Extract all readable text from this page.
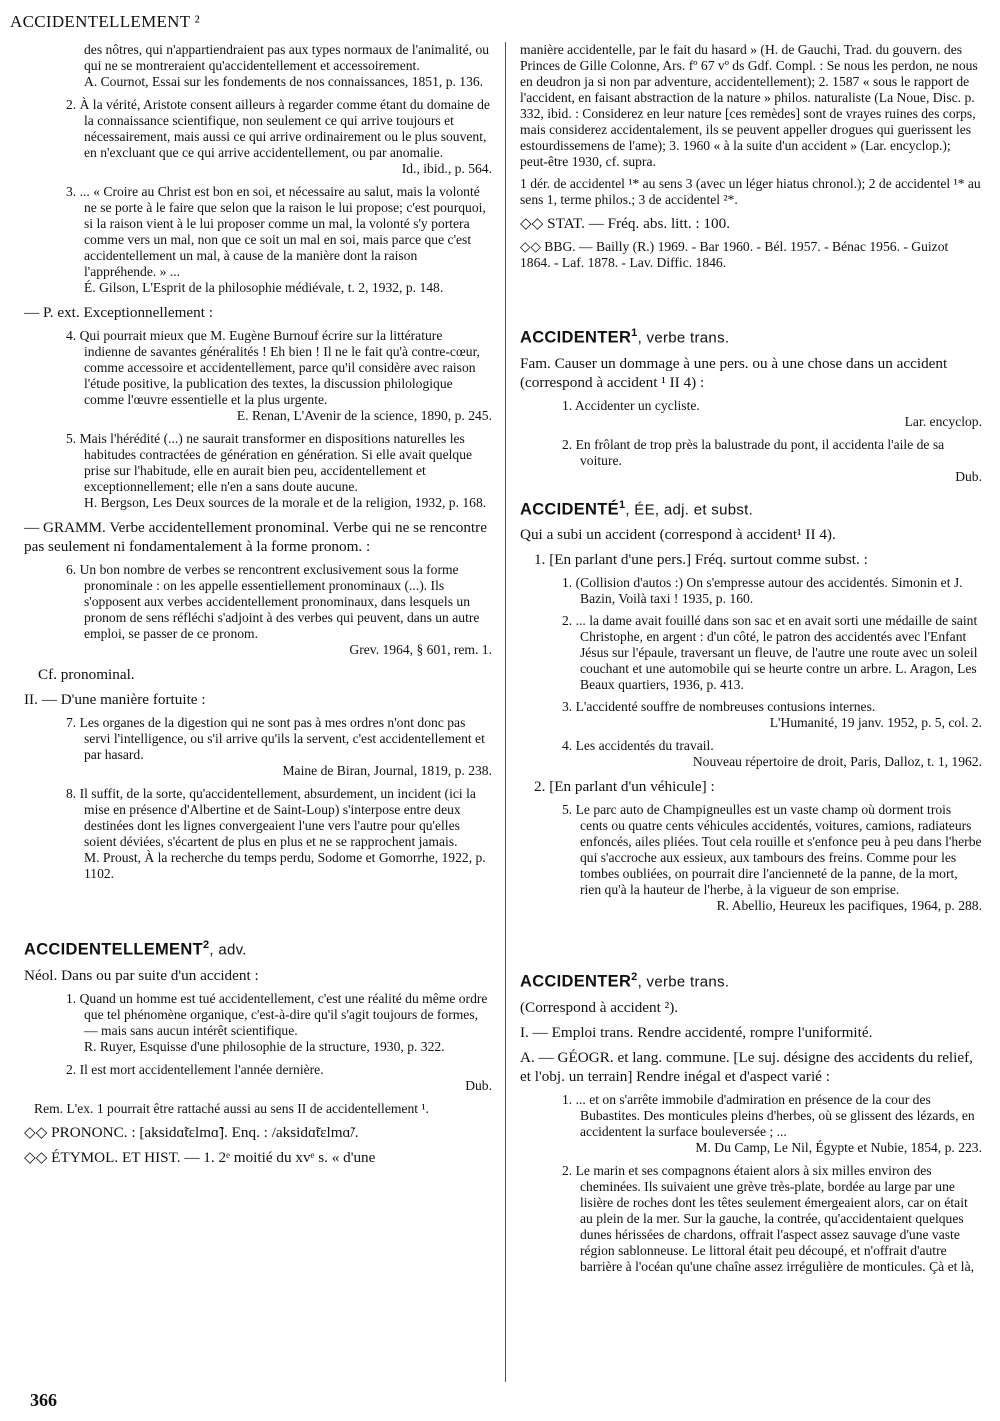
ACCIDENTELLEMENT ²

des nôtres, qui n'appartiendraient pas aux types normaux de l'animalité, ou qui ne se montreraient qu'accidentellement et accessoirement.

A. Cournot, Essai sur les fondements de nos connaissances, 1851, p. 136.

2. À la vérité, Aristote consent ailleurs à regarder comme étant du domaine de la connaissance scientifique, non seulement ce qui arrive toujours et nécessairement, mais aussi ce qui arrive ordinairement ou le plus souvent, en n'excluant que ce qui arrive accidentellement, ou par anomalie.

Id., ibid., p. 564.

3. ... « Croire au Christ est bon en soi, et nécessaire au salut, mais la volonté ne se porte à le faire que selon que la raison le lui propose; c'est pourquoi, si la raison vient à le lui proposer comme un mal, la volonté s'y portera comme vers un mal, non que ce soit un mal en soi, mais parce que c'est accidentellement un mal, à cause de la manière dont la raison l'appréhende. » ...

É. Gilson, L'Esprit de la philosophie médiévale, t. 2, 1932, p. 148.

— P. ext. Exceptionnellement :

4. Qui pourrait mieux que M. Eugène Burnouf écrire sur la littérature indienne de savantes généralités ! Eh bien ! Il ne le fait qu'à contre-cœur, comme accessoire et accidentellement, parce qu'il considère avec raison l'étude positive, la publication des textes, la discussion philologique comme l'œuvre essentielle et la plus urgente.

E. Renan, L'Avenir de la science, 1890, p. 245.

5. Mais l'hérédité (...) ne saurait transformer en dispositions naturelles les habitudes contractées de génération en génération. Si elle avait quelque prise sur l'habitude, elle en aurait bien peu, accidentellement et exceptionnellement; elle n'en a sans doute aucune.

H. Bergson, Les Deux sources de la morale et de la religion, 1932, p. 168.

— GRAMM. Verbe accidentellement pronominal. Verbe qui ne se rencontre pas seulement ni fondamentalement à la forme pronom. :

6. Un bon nombre de verbes se rencontrent exclusivement sous la forme pronominale : on les appelle essentiellement pronominaux (...). Ils s'opposent aux verbes accidentellement pronominaux, dans lesquels un pronom de sens réfléchi s'adjoint à des verbes qui peuvent, dans un autre emploi, se passer de ce pronom.

Grev. 1964, § 601, rem. 1.

Cf. pronominal.

II. — D'une manière fortuite :

7. Les organes de la digestion qui ne sont pas à mes ordres n'ont donc pas servi l'intelligence, ou s'il arrive qu'ils la servent, c'est accidentellement et par hasard.

Maine de Biran, Journal, 1819, p. 238.

8. Il suffit, de la sorte, qu'accidentellement, absurdement, un incident (ici la mise en présence d'Albertine et de Saint-Loup) s'interpose entre deux destinées dont les lignes convergeaient l'une vers l'autre pour qu'elles soient déviées, s'écartent de plus en plus et ne se rapprochent jamais.

M. Proust, À la recherche du temps perdu, Sodome et Gomorrhe, 1922, p. 1102.

ACCIDENTELLEMENT$^2$, adv.

Néol. Dans ou par suite d'un accident :

1. Quand un homme est tué accidentellement, c'est une réalité du même ordre que tel phénomène organique, c'est-à-dire qu'il s'agit toujours de formes, — mais sans aucun intérêt scientifique.

R. Ruyer, Esquisse d'une philosophie de la structure, 1930, p. 322.

2. Il est mort accidentellement l'année dernière.

Dub.

Rem. L'ex. 1 pourrait être rattaché aussi au sens II de accidentellement ¹.

◇◇ PRONONC. : [aksidɑ̃tɛlmɑ̃]. Enq. : /aksidɑ̃tɛlmɑ̃/.

◇◇ ÉTYMOL. ET HIST. — 1. 2ᵉ moitié du xvᵉ s. « d'une

manière accidentelle, par le fait du hasard » (H. de Gauchi, Trad. du gouvern. des Princes de Gille Colonne, Ars. fº 67 vº ds Gdf. Compl. : Se nous les perdon, ne nous en deudron ja si non par adventure, accidentellement); 2. 1587 « sous le rapport de l'accident, en faisant abstraction de la nature » philos. naturaliste (La Noue, Disc. p. 332, ibid. : Considerez en leur nature [ces remèdes] sont de vrayes ruines des corps, mais considerez accidentalement, ils se peuvent appeller drogues qui guerissent les estourdissemens de l'ame); 3. 1960 « à la suite d'un accident » (Lar. encyclop.); peut-être 1930, cf. supra.

1 dér. de accidentel ¹* au sens 3 (avec un léger hiatus chronol.); 2 de accidentel ¹* au sens 1, terme philos.; 3 de accidentel ²*.

◇◇ STAT. — Fréq. abs. litt. : 100.

◇◇ BBG. — Bailly (R.) 1969. - Bar 1960. - Bél. 1957. - Bénac 1956. - Guizot 1864. - Laf. 1878. - Lav. Diffic. 1846.

ACCIDENTER$^1$, verbe trans.

Fam. Causer un dommage à une pers. ou à une chose dans un accident (correspond à accident ¹ II 4) :

1. Accidenter un cycliste.

Lar. encyclop.

2. En frôlant de trop près la balustrade du pont, il accidenta l'aile de sa voiture.

Dub.

ACCIDENTÉ$^1$, ÉE, adj. et subst.

Qui a subi un accident (correspond à accident¹ II 4).

1. [En parlant d'une pers.] Fréq. surtout comme subst. :

1. (Collision d'autos :) On s'empresse autour des accidentés. Simonin et J. Bazin, Voilà taxi ! 1935, p. 160.

2. ... la dame avait fouillé dans son sac et en avait sorti une médaille de saint Christophe, en argent : d'un côté, le patron des accidentés avec l'Enfant Jésus sur l'épaule, traversant un fleuve, de l'autre une route avec un soleil couchant et une automobile qui se heurte contre un arbre. L. Aragon, Les Beaux quartiers, 1936, p. 413.

3. L'accidenté souffre de nombreuses contusions internes.

L'Humanité, 19 janv. 1952, p. 5, col. 2.

4. Les accidentés du travail.

Nouveau répertoire de droit, Paris, Dalloz, t. 1, 1962.

2. [En parlant d'un véhicule] :

5. Le parc auto de Champigneulles est un vaste champ où dorment trois cents ou quatre cents véhicules accidentés, voitures, camions, radiateurs enfoncés, ailes pliées. Tout cela rouille et s'enfonce peu à peu dans l'herbe qui s'accroche aux essieux, aux tambours des freins. Comme pour les tombes oubliées, on pourrait dire l'ancienneté de la panne, de la mort, rien qu'à la hauteur de l'herbe, à la vigueur de son emprise.

R. Abellio, Heureux les pacifiques, 1964, p. 288.

ACCIDENTER$^2$, verbe trans.

(Correspond à accident ²).

I. — Emploi trans. Rendre accidenté, rompre l'uniformité.

A. — GÉOGR. et lang. commune. [Le suj. désigne des accidents du relief, et l'obj. un terrain] Rendre inégal et d'aspect varié :

1. ... et on s'arrête immobile d'admiration en présence de la cour des Bubastites. Des monticules pleins d'herbes, où se glissent des lézards, en accidentent la surface bouleversée ; ...

M. Du Camp, Le Nil, Égypte et Nubie, 1854, p. 223.

2. Le marin et ses compagnons étaient alors à six milles environ des cheminées. Ils suivaient une grève très-plate, bordée au large par une lisière de roches dont les têtes seulement émergeaient alors, car on était au plein de la mer. Sur la gauche, la contrée, qu'accidentaient quelques dunes hérissées de chardons, offrait l'aspect assez sauvage d'une vaste région sablonneuse. Le littoral était peu découpé, et n'offrait d'autre barrière à l'océan qu'une chaîne assez irrégulière de monticules. Çà et là,

366
